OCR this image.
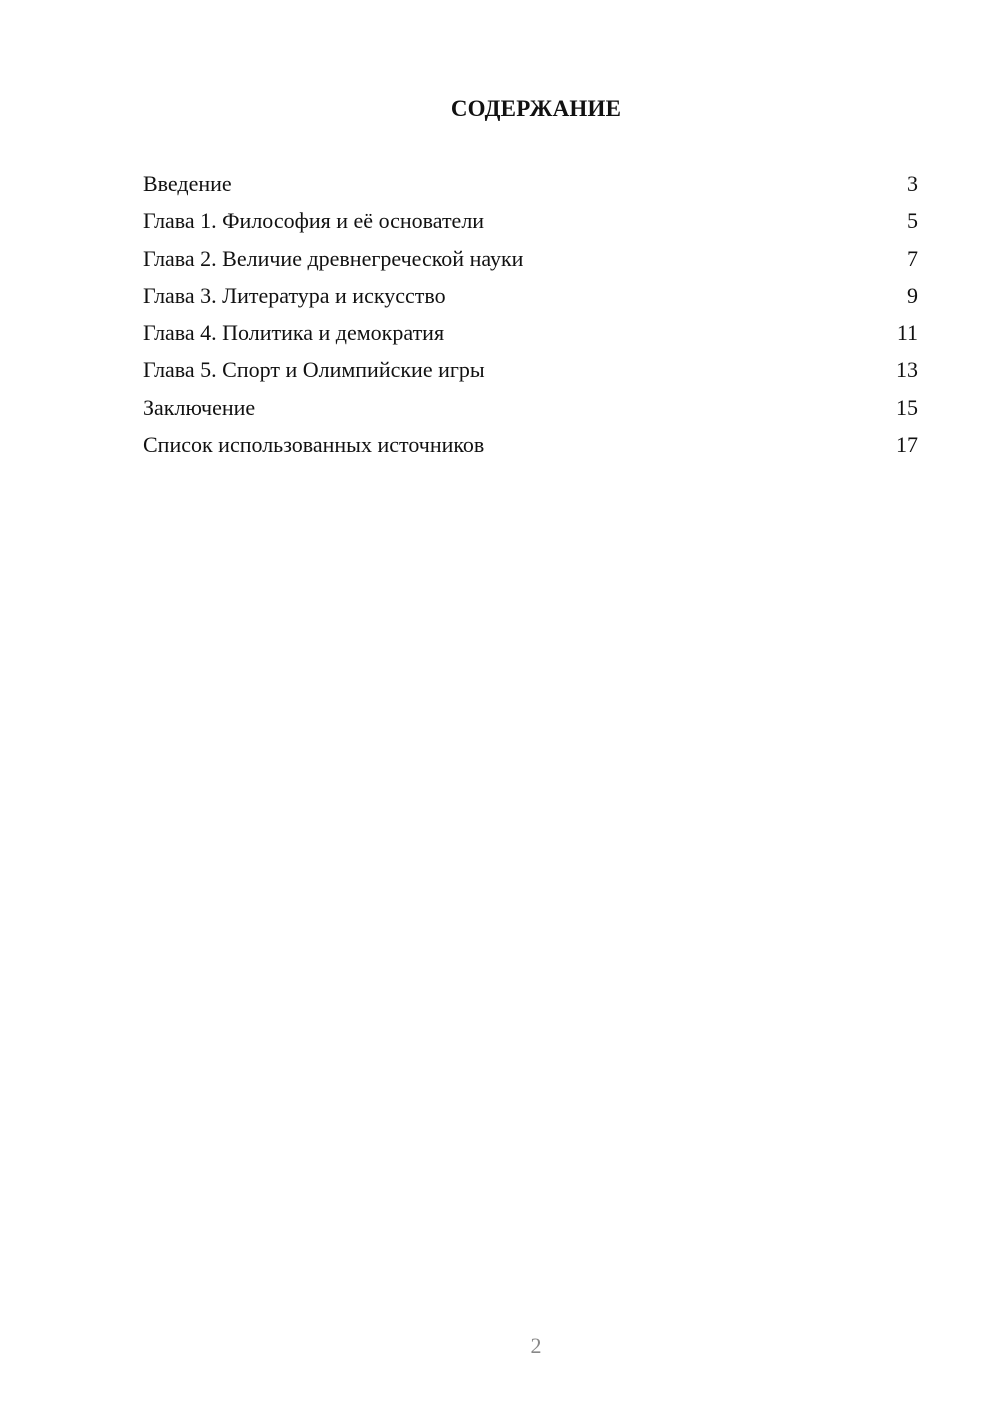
СОДЕРЖАНИЕ
Введение	3
Глава 1. Философия и её основатели	5
Глава 2. Величие древнегреческой науки	7
Глава 3. Литература и искусство	9
Глава 4. Политика и демократия	11
Глава 5. Спорт и Олимпийские игры	13
Заключение	15
Список использованных источников	17
2
